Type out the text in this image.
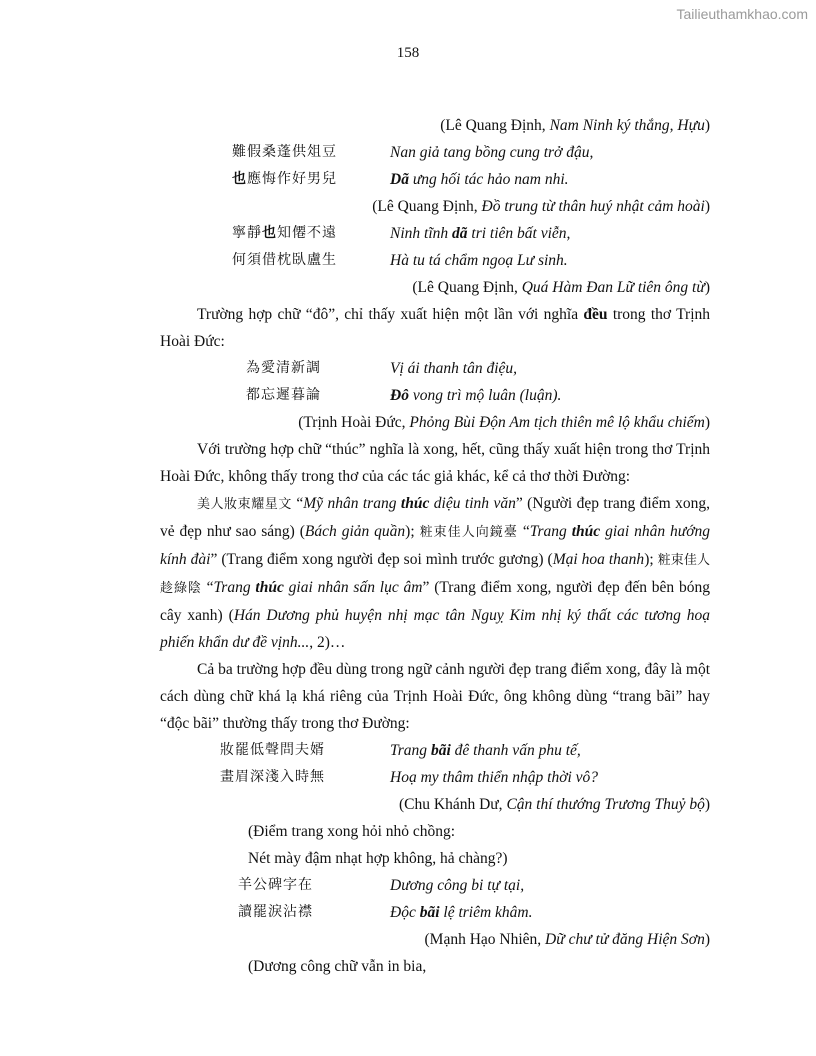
Tailieuthamkhao.com
158
(Lê Quang Định, Nam Ninh ký thắng, Hựu)
難假桑蓬供俎豆	Nan giả tang bồng cung trở đậu,
也應悔作好男兒	Dã ưng hối tác hảo nam nhi.
(Lê Quang Định, Đồ trung từ thân huý nhật cảm hoài)
寧靜也知僊不遠	Ninh tĩnh dã tri tiên bất viễn,
何須借枕臥盧生	Hà tu tá chẩm ngoạ Lư sinh.
(Lê Quang Định, Quá Hàm Đan Lữ tiên ông từ)

Trường hợp chữ “đô”, chỉ thấy xuất hiện một lần với nghĩa đều trong thơ Trịnh Hoài Đức:

為愛清新調	Vị ái thanh tân điệu,
都忘遲暮論	Đô vong trì mộ luân (luận).
(Trịnh Hoài Đức, Phỏng Bùi Độn Am tịch thiên mê lộ khẩu chiếm)

Với trường hợp chữ “thúc” nghĩa là xong, hết, cũng thấy xuất hiện trong thơ Trịnh Hoài Đức, không thấy trong thơ của các tác giả khác, kể cả thơ thời Đường:

美人妝束耀星文 “Mỹ nhân trang thúc diệu tinh văn” (Người đẹp trang điểm xong, vẻ đẹp như sao sáng) (Bách giản quần); 粧束佳人向鏡臺 “Trang thúc giai nhân hướng kính đài” (Trang điểm xong người đẹp soi mình trước gương) (Mại hoa thanh); 粧束佳人趁綠陰 “Trang thúc giai nhân sấn lục âm” (Trang điểm xong, người đẹp đến bên bóng cây xanh) (Hán Dương phủ huyện nhị mạc tân Nguỵ Kim nhị ký thất các tương hoạ phiến khẩn dư đề vịnh..., 2)…

Cả ba trường hợp đều dùng trong ngữ cảnh người đẹp trang điểm xong, đây là một cách dùng chữ khá lạ khá riêng của Trịnh Hoài Đức, ông không dùng “trang bãi” hay “độc bãi” thường thấy trong thơ Đường:

妝罷低聲問夫婿	Trang bãi đê thanh vấn phu tế,
畫眉深淺入時無	Hoạ my thâm thiển nhập thời vô?
(Chu Khánh Dư, Cận thí thướng Trương Thuỷ bộ)
(Điểm trang xong hỏi nhỏ chồng:
Nét mày đậm nhạt hợp không, hả chàng?)
羊公碑字在	Dương công bi tự tại,
讀罷淚沾襟	Độc bãi lệ triêm khâm.
(Mạnh Hạo Nhiên, Dữ chư tử đăng Hiện Sơn)
(Dương công chữ vẫn in bia,
